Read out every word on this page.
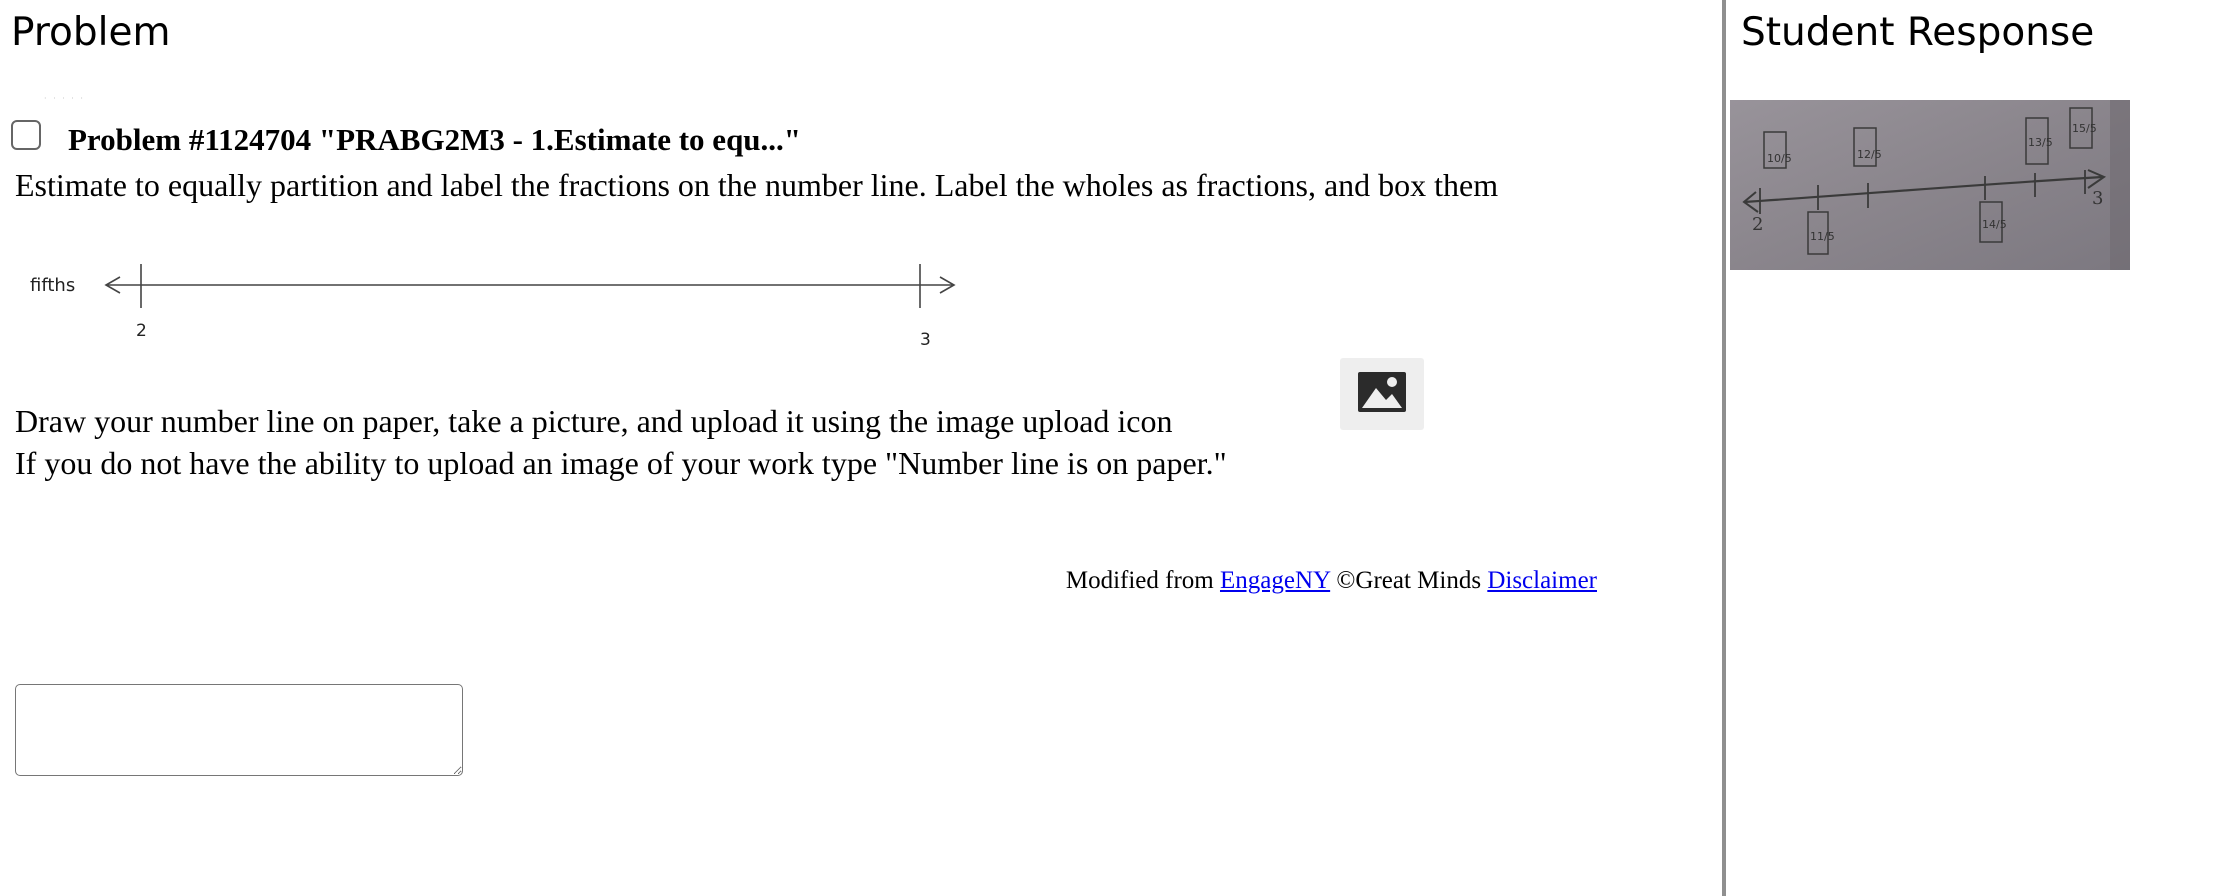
Problem
· · · · ·
Problem #1124704 "PRABG2M3 - 1.Estimate to equ..."
Estimate to equally partition and label the fractions on the number line. Label the wholes as fractions, and box them
fifths
2	3
Draw your number line on paper, take a picture, and upload it using the image upload icon
If you do not have the ability to upload an image of your work type "Number line is on paper."
Modified from EngageNY ©Great Minds Disclaimer
Student Response
10/5	12/5
11/5
14/5
13/5
15/5
2
3
